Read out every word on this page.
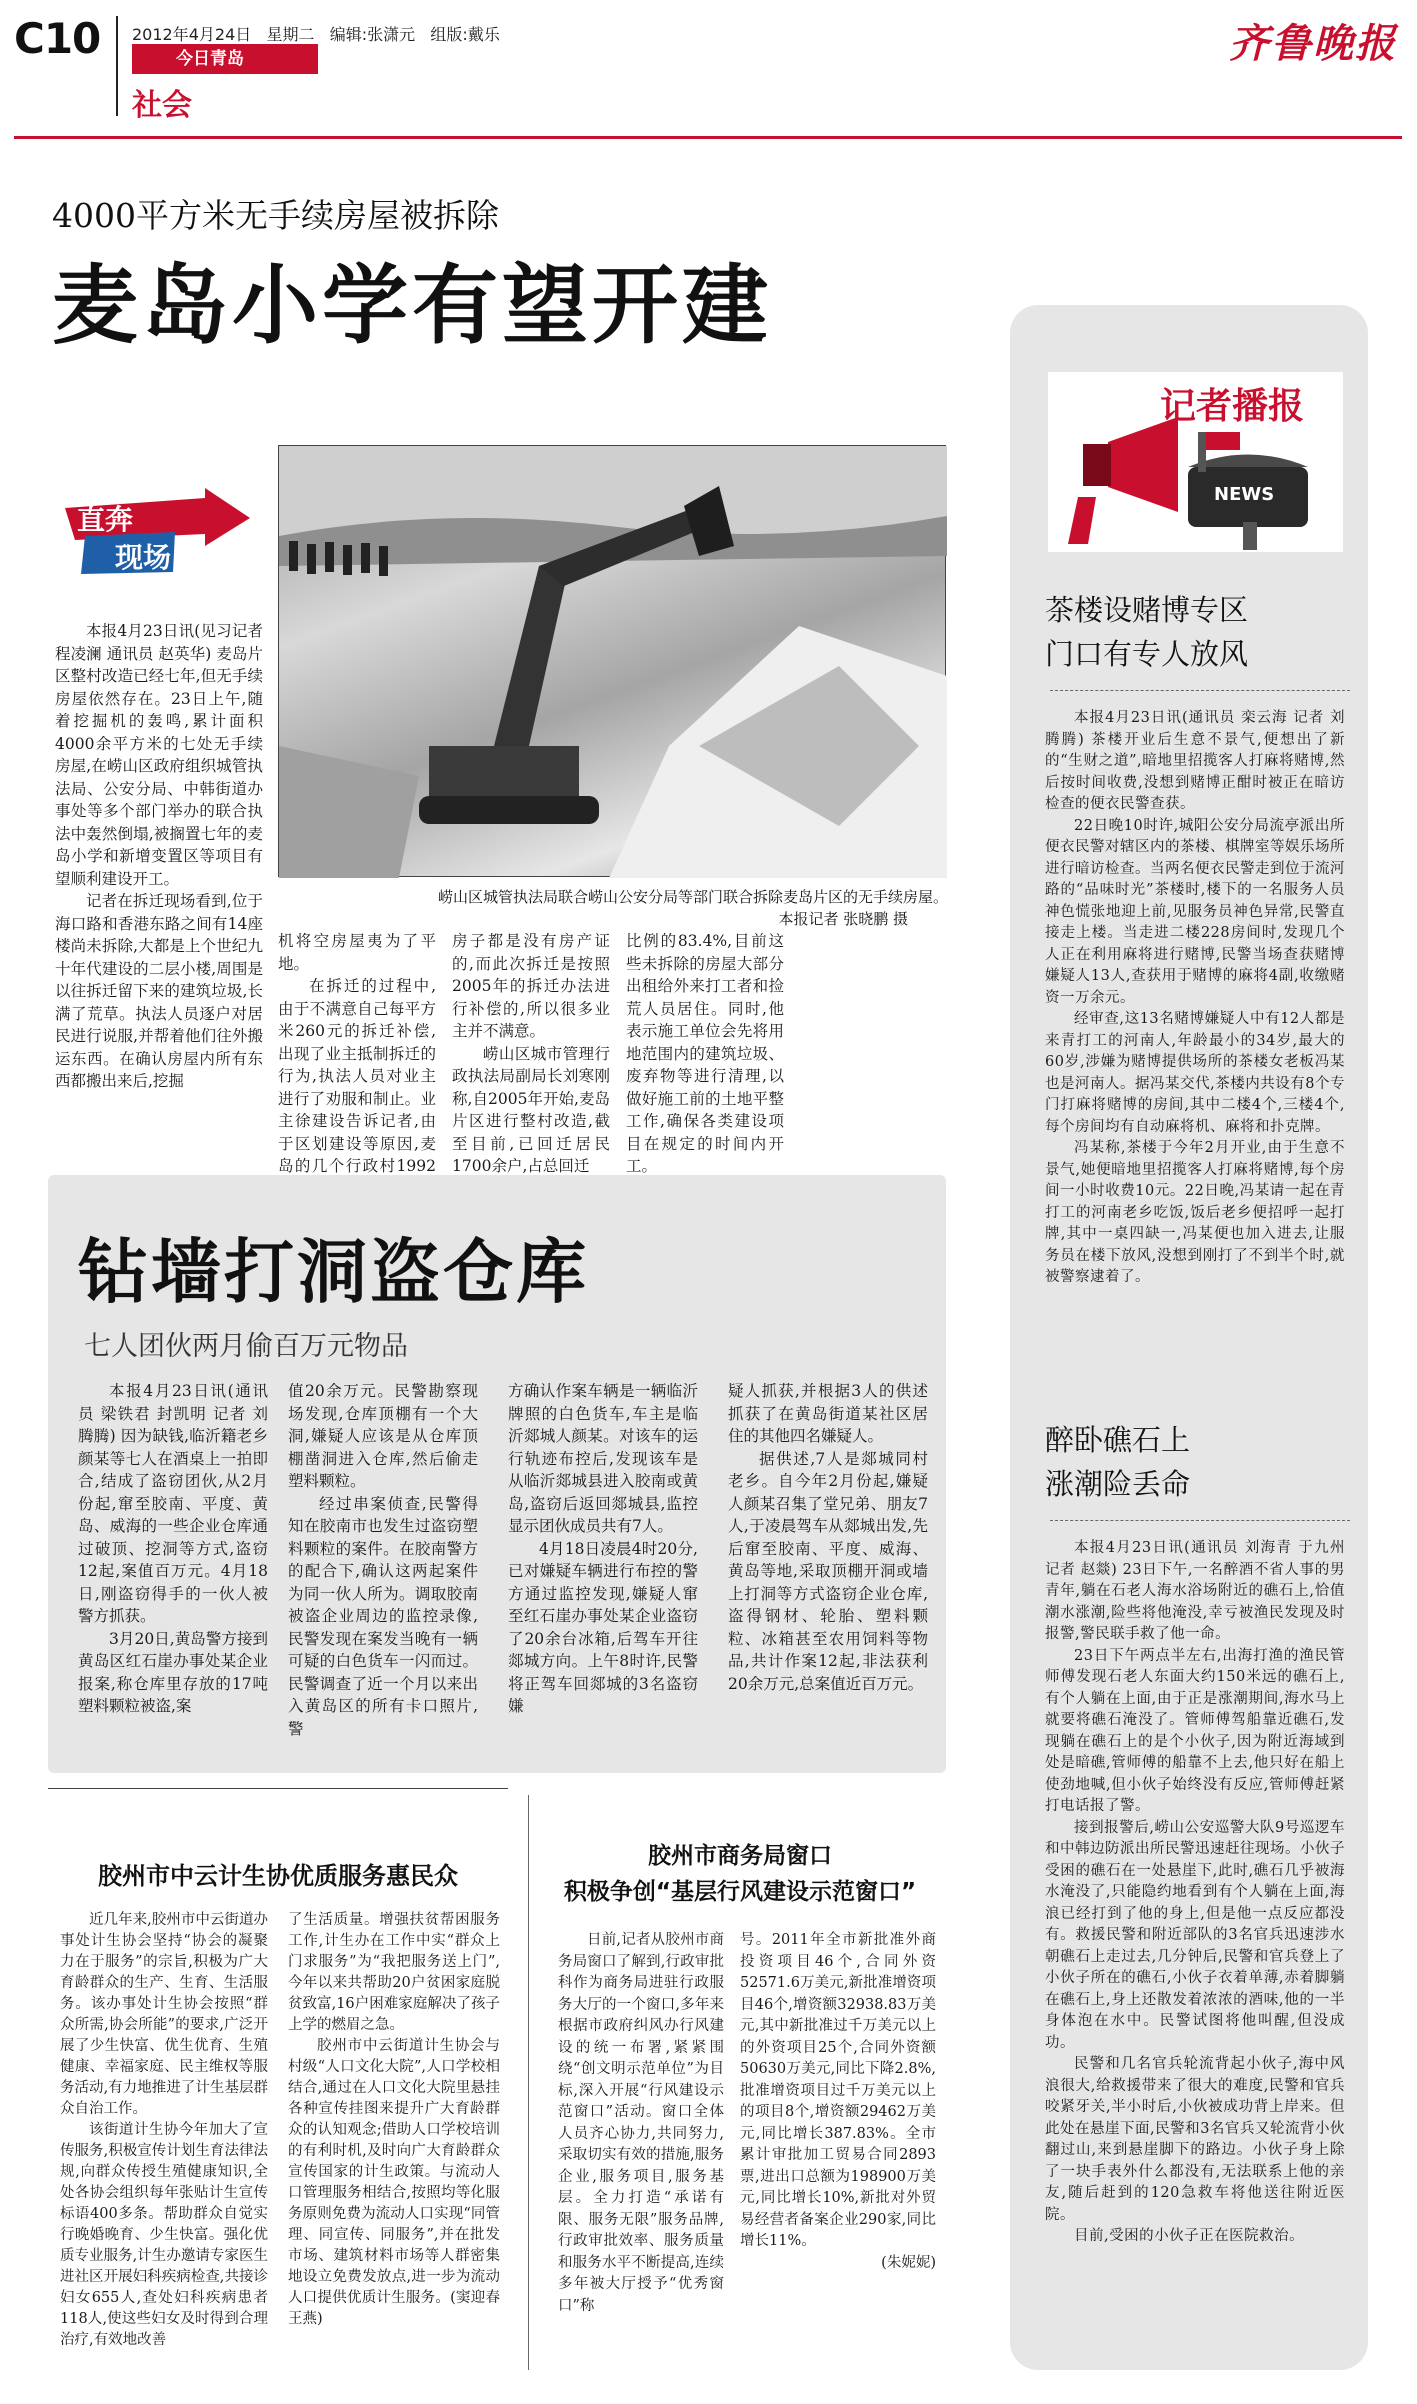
C10 2012年4月24日   星期二   编辑:张潇元   组版:戴乐
今日青岛
社会
齐鲁晚报
4000平方米无手续房屋被拆除
麦岛小学有望开建
直奔
现场
崂山区城管执法局联合崂山公安分局等部门联合拆除麦岛片区的无手续房屋。
本报记者 张晓鹏 摄

本报4月23日讯(见习记者 程凌澜 通讯员 赵英华) 麦岛片区整村改造已经七年,但无手续房屋依然存在。23日上午,随着挖掘机的轰鸣,累计面积4000余平方米的七处无手续房屋,在崂山区政府组织城管执法局、公安分局、中韩街道办事处等多个部门举办的联合执法中轰然倒塌,被搁置七年的麦岛小学和新增变置区等项目有望顺利建设开工。

记者在拆迁现场看到,位于海口路和香港东路之间有14座楼尚未拆除,大都是上个世纪九十年代建设的二层小楼,周围是以往拆迁留下来的建筑垃圾,长满了荒草。执法人员逐户对居民进行说服,并帮着他们往外搬运东西。在确认房屋内所有东西都搬出来后,挖掘

机将空房屋夷为了平地。

在拆迁的过程中,由于不满意自己每平方米260元的拆迁补偿,出现了业主抵制拆迁的行为,执法人员对业主进行了劝服和制止。业主徐建设告诉记者,由于区划建设等原因,麦岛的几个行政村1992

房子都是没有房产证的,而此次拆迁是按照2005年的拆迁办法进行补偿的,所以很多业主并不满意。

崂山区城市管理行政执法局副局长刘寒刚称,自2005年开始,麦岛片区进行整村改造,截至目前,已回迁居民1700余户,占总回迁

比例的83.4%,目前这些未拆除的房屋大部分出租给外来打工者和捡荒人员居住。同时,他表示施工单位会先将用地范围内的建筑垃圾、废弃物等进行清理,以做好施工前的土地平整工作,确保各类建设项目在规定的时间内开工。

钻墙打洞盗仓库
七人团伙两月偷百万元物品

本报4月23日讯(通讯员 梁铁君 封凯明 记者 刘腾腾) 因为缺钱,临沂籍老乡颜某等七人在酒桌上一拍即合,结成了盗窃团伙,从2月份起,窜至胶南、平度、黄岛、威海的一些企业仓库通过破顶、挖洞等方式,盗窃12起,案值百万元。4月18日,刚盗窃得手的一伙人被警方抓获。

3月20日,黄岛警方接到黄岛区红石崖办事处某企业报案,称仓库里存放的17吨塑料颗粒被盗,案

值20余万元。民警勘察现场发现,仓库顶棚有一个大洞,嫌疑人应该是从仓库顶棚凿洞进入仓库,然后偷走塑料颗粒。

经过串案侦查,民警得知在胶南市也发生过盗窃塑料颗粒的案件。在胶南警方的配合下,确认这两起案件为同一伙人所为。调取胶南被盗企业周边的监控录像,民警发现在案发当晚有一辆可疑的白色货车一闪而过。民警调查了近一个月以来出入黄岛区的所有卡口照片,警

方确认作案车辆是一辆临沂牌照的白色货车,车主是临沂郯城人颜某。对该车的运行轨迹布控后,发现该车是从临沂郯城县进入胶南或黄岛,盗窃后返回郯城县,监控显示团伙成员共有7人。

4月18日凌晨4时20分,已对嫌疑车辆进行布控的警方通过监控发现,嫌疑人窜至红石崖办事处某企业盗窃了20余台冰箱,后驾车开往郯城方向。上午8时许,民警将正驾车回郯城的3名盗窃嫌

疑人抓获,并根据3人的供述抓获了在黄岛街道某社区居住的其他四名嫌疑人。

据供述,7人是郯城同村老乡。自今年2月份起,嫌疑人颜某召集了堂兄弟、朋友7人,于凌晨驾车从郯城出发,先后窜至胶南、平度、威海、黄岛等地,采取顶棚开洞或墙上打洞等方式盗窃企业仓库,盗得钢材、轮胎、塑料颗粒、冰箱甚至农用饲料等物品,共计作案12起,非法获利20余万元,总案值近百万元。

胶州市中云计生协优质服务惠民众

近几年来,胶州市中云街道办事处计生协会坚持“协会的凝聚力在于服务”的宗旨,积极为广大育龄群众的生产、生育、生活服务。该办事处计生协会按照“群众所需,协会所能”的要求,广泛开展了少生快富、优生优育、生殖健康、幸福家庭、民主维权等服务活动,有力地推进了计生基层群众自治工作。

该街道计生协今年加大了宣传服务,积极宣传计划生育法律法规,向群众传授生殖健康知识,全处各协会组织每年张贴计生宣传标语400多条。帮助群众自觉实行晚婚晚育、少生快富。强化优质专业服务,计生办邀请专家医生进社区开展妇科疾病检查,共接诊妇女655人,查处妇科疾病患者118人,使这些妇女及时得到合理治疗,有效地改善

了生活质量。增强扶贫帮困服务工作,计生办在工作中实“群众上门求服务”为“我把服务送上门”,今年以来共帮助20户贫困家庭脱贫致富,16户困难家庭解决了孩子上学的燃眉之急。

胶州市中云街道计生协会与村级“人口文化大院”,人口学校相结合,通过在人口文化大院里悬挂各种宣传挂图来提升广大育龄群众的认知观念;借助人口学校培训的有利时机,及时向广大育龄群众宣传国家的计生政策。与流动人口管理服务相结合,按照均等化服务原则免费为流动人口实现“同管理、同宣传、同服务”,并在批发市场、建筑材料市场等人群密集地设立免费发放点,进一步为流动人口提供优质计生服务。(窦迎春 王燕)

胶州市商务局窗口
积极争创“基层行风建设示范窗口”

日前,记者从胶州市商务局窗口了解到,行政审批科作为商务局进驻行政服务大厅的一个窗口,多年来根据市政府纠风办行风建设的统一布署,紧紧围绕“创文明示范单位”为目标,深入开展“行风建设示范窗口”活动。窗口全体人员齐心协力,共同努力,采取切实有效的措施,服务企业,服务项目,服务基层。全力打造“承诺有限、服务无限”服务品牌,行政审批效率、服务质量和服务水平不断提高,连续多年被大厅授予“优秀窗口”称

号。2011年全市新批准外商投资项目46个,合同外资52571.6万美元,新批准增资项目46个,增资额32938.83万美元,其中新批准过千万美元以上的外资项目25个,合同外资额50630万美元,同比下降2.8%,批准增资项目过千万美元以上的项目8个,增资额29462万美元,同比增长387.83%。全市累计审批加工贸易合同2893票,进出口总额为198900万美元,同比增长10%,新批对外贸易经营者备案企业290家,同比增长11%。

(朱妮妮)

记者播报
NEWS
茶楼设赌博专区
门口有专人放风

本报4月23日讯(通讯员 栾云海 记者 刘腾腾) 茶楼开业后生意不景气,便想出了新的“生财之道”,暗地里招揽客人打麻将赌博,然后按时间收费,没想到赌博正酣时被正在暗访检查的便衣民警查获。

22日晚10时许,城阳公安分局流亭派出所便衣民警对辖区内的茶楼、棋牌室等娱乐场所进行暗访检查。当两名便衣民警走到位于流河路的“品味时光”茶楼时,楼下的一名服务人员神色慌张地迎上前,见服务员神色异常,民警直接走上楼。当走进二楼228房间时,发现几个人正在利用麻将进行赌博,民警当场查获赌博嫌疑人13人,查获用于赌博的麻将4副,收缴赌资一万余元。

经审查,这13名赌博嫌疑人中有12人都是来青打工的河南人,年龄最小的34岁,最大的60岁,涉嫌为赌博提供场所的茶楼女老板冯某也是河南人。据冯某交代,茶楼内共设有8个专门打麻将赌博的房间,其中二楼4个,三楼4个,每个房间均有自动麻将机、麻将和扑克牌。

冯某称,茶楼于今年2月开业,由于生意不景气,她便暗地里招揽客人打麻将赌博,每个房间一小时收费10元。22日晚,冯某请一起在青打工的河南老乡吃饭,饭后老乡便招呼一起打牌,其中一桌四缺一,冯某便也加入进去,让服务员在楼下放风,没想到刚打了不到半个时,就被警察逮着了。

醉卧礁石上
涨潮险丢命

本报4月23日讯(通讯员 刘海青 于九州 记者 赵燚) 23日下午,一名醉酒不省人事的男青年,躺在石老人海水浴场附近的礁石上,恰值潮水涨潮,险些将他淹没,幸亏被渔民发现及时报警,警民联手救了他一命。

23日下午两点半左右,出海打渔的渔民管师傅发现石老人东面大约150米远的礁石上,有个人躺在上面,由于正是涨潮期间,海水马上就要将礁石淹没了。管师傅驾船靠近礁石,发现躺在礁石上的是个小伙子,因为附近海域到处是暗礁,管师傅的船靠不上去,他只好在船上使劲地喊,但小伙子始终没有反应,管师傅赶紧打电话报了警。

接到报警后,崂山公安巡警大队9号巡逻车和中韩边防派出所民警迅速赶往现场。小伙子受困的礁石在一处悬崖下,此时,礁石几乎被海水淹没了,只能隐约地看到有个人躺在上面,海浪已经打到了他的身上,但是他一点反应都没有。救援民警和附近部队的3名官兵迅速涉水朝礁石上走过去,几分钟后,民警和官兵登上了小伙子所在的礁石,小伙子衣着单薄,赤着脚躺在礁石上,身上还散发着浓浓的酒味,他的一半身体泡在水中。民警试图将他叫醒,但没成功。

民警和几名官兵轮流背起小伙子,海中风浪很大,给救援带来了很大的难度,民警和官兵咬紧牙关,半小时后,小伙被成功背上岸来。但此处在悬崖下面,民警和3名官兵又轮流背小伙翻过山,来到悬崖脚下的路边。小伙子身上除了一块手表外什么都没有,无法联系上他的亲友,随后赶到的120急救车将他送往附近医院。

目前,受困的小伙子正在医院救治。
